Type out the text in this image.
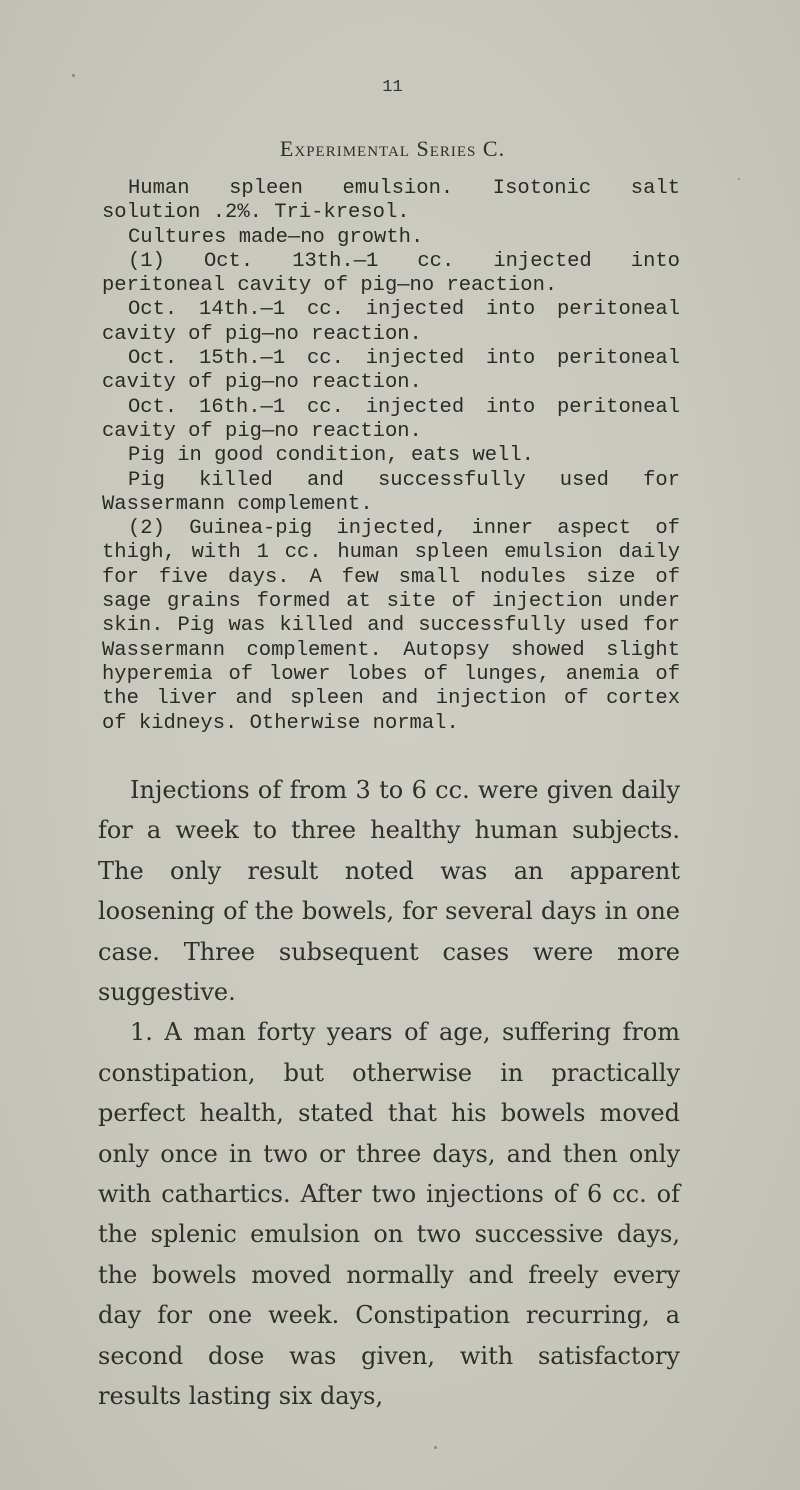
11
Experimental Series C.

Human spleen emulsion. Isotonic salt solution .2%. Tri-kresol.

Cultures made—no growth.

(1) Oct. 13th.—1 cc. injected into peritoneal cavity of pig—no reaction.

Oct. 14th.—1 cc. injected into peritoneal cavity of pig—no reaction.

Oct. 15th.—1 cc. injected into peritoneal cavity of pig—no reaction.

Oct. 16th.—1 cc. injected into peritoneal cavity of pig—no reaction.

Pig in good condition, eats well.

Pig killed and successfully used for Wassermann complement.

(2) Guinea-pig injected, inner aspect of thigh, with 1 cc. human spleen emulsion daily for five days. A few small nodules size of sage grains formed at site of injection under skin. Pig was killed and successfully used for Wassermann complement. Autopsy showed slight hyperemia of lower lobes of lunges, anemia of the liver and spleen and injection of cortex of kidneys. Otherwise normal.

Injections of from 3 to 6 cc. were given daily for a week to three healthy human subjects. The only result noted was an apparent loosening of the bowels, for several days in one case. Three subsequent cases were more suggestive.

1. A man forty years of age, suffering from constipation, but otherwise in practically perfect health, stated that his bowels moved only once in two or three days, and then only with cathartics. After two injections of 6 cc. of the splenic emulsion on two successive days, the bowels moved normally and freely every day for one week. Constipation recurring, a second dose was given, with satisfactory results lasting six days,
